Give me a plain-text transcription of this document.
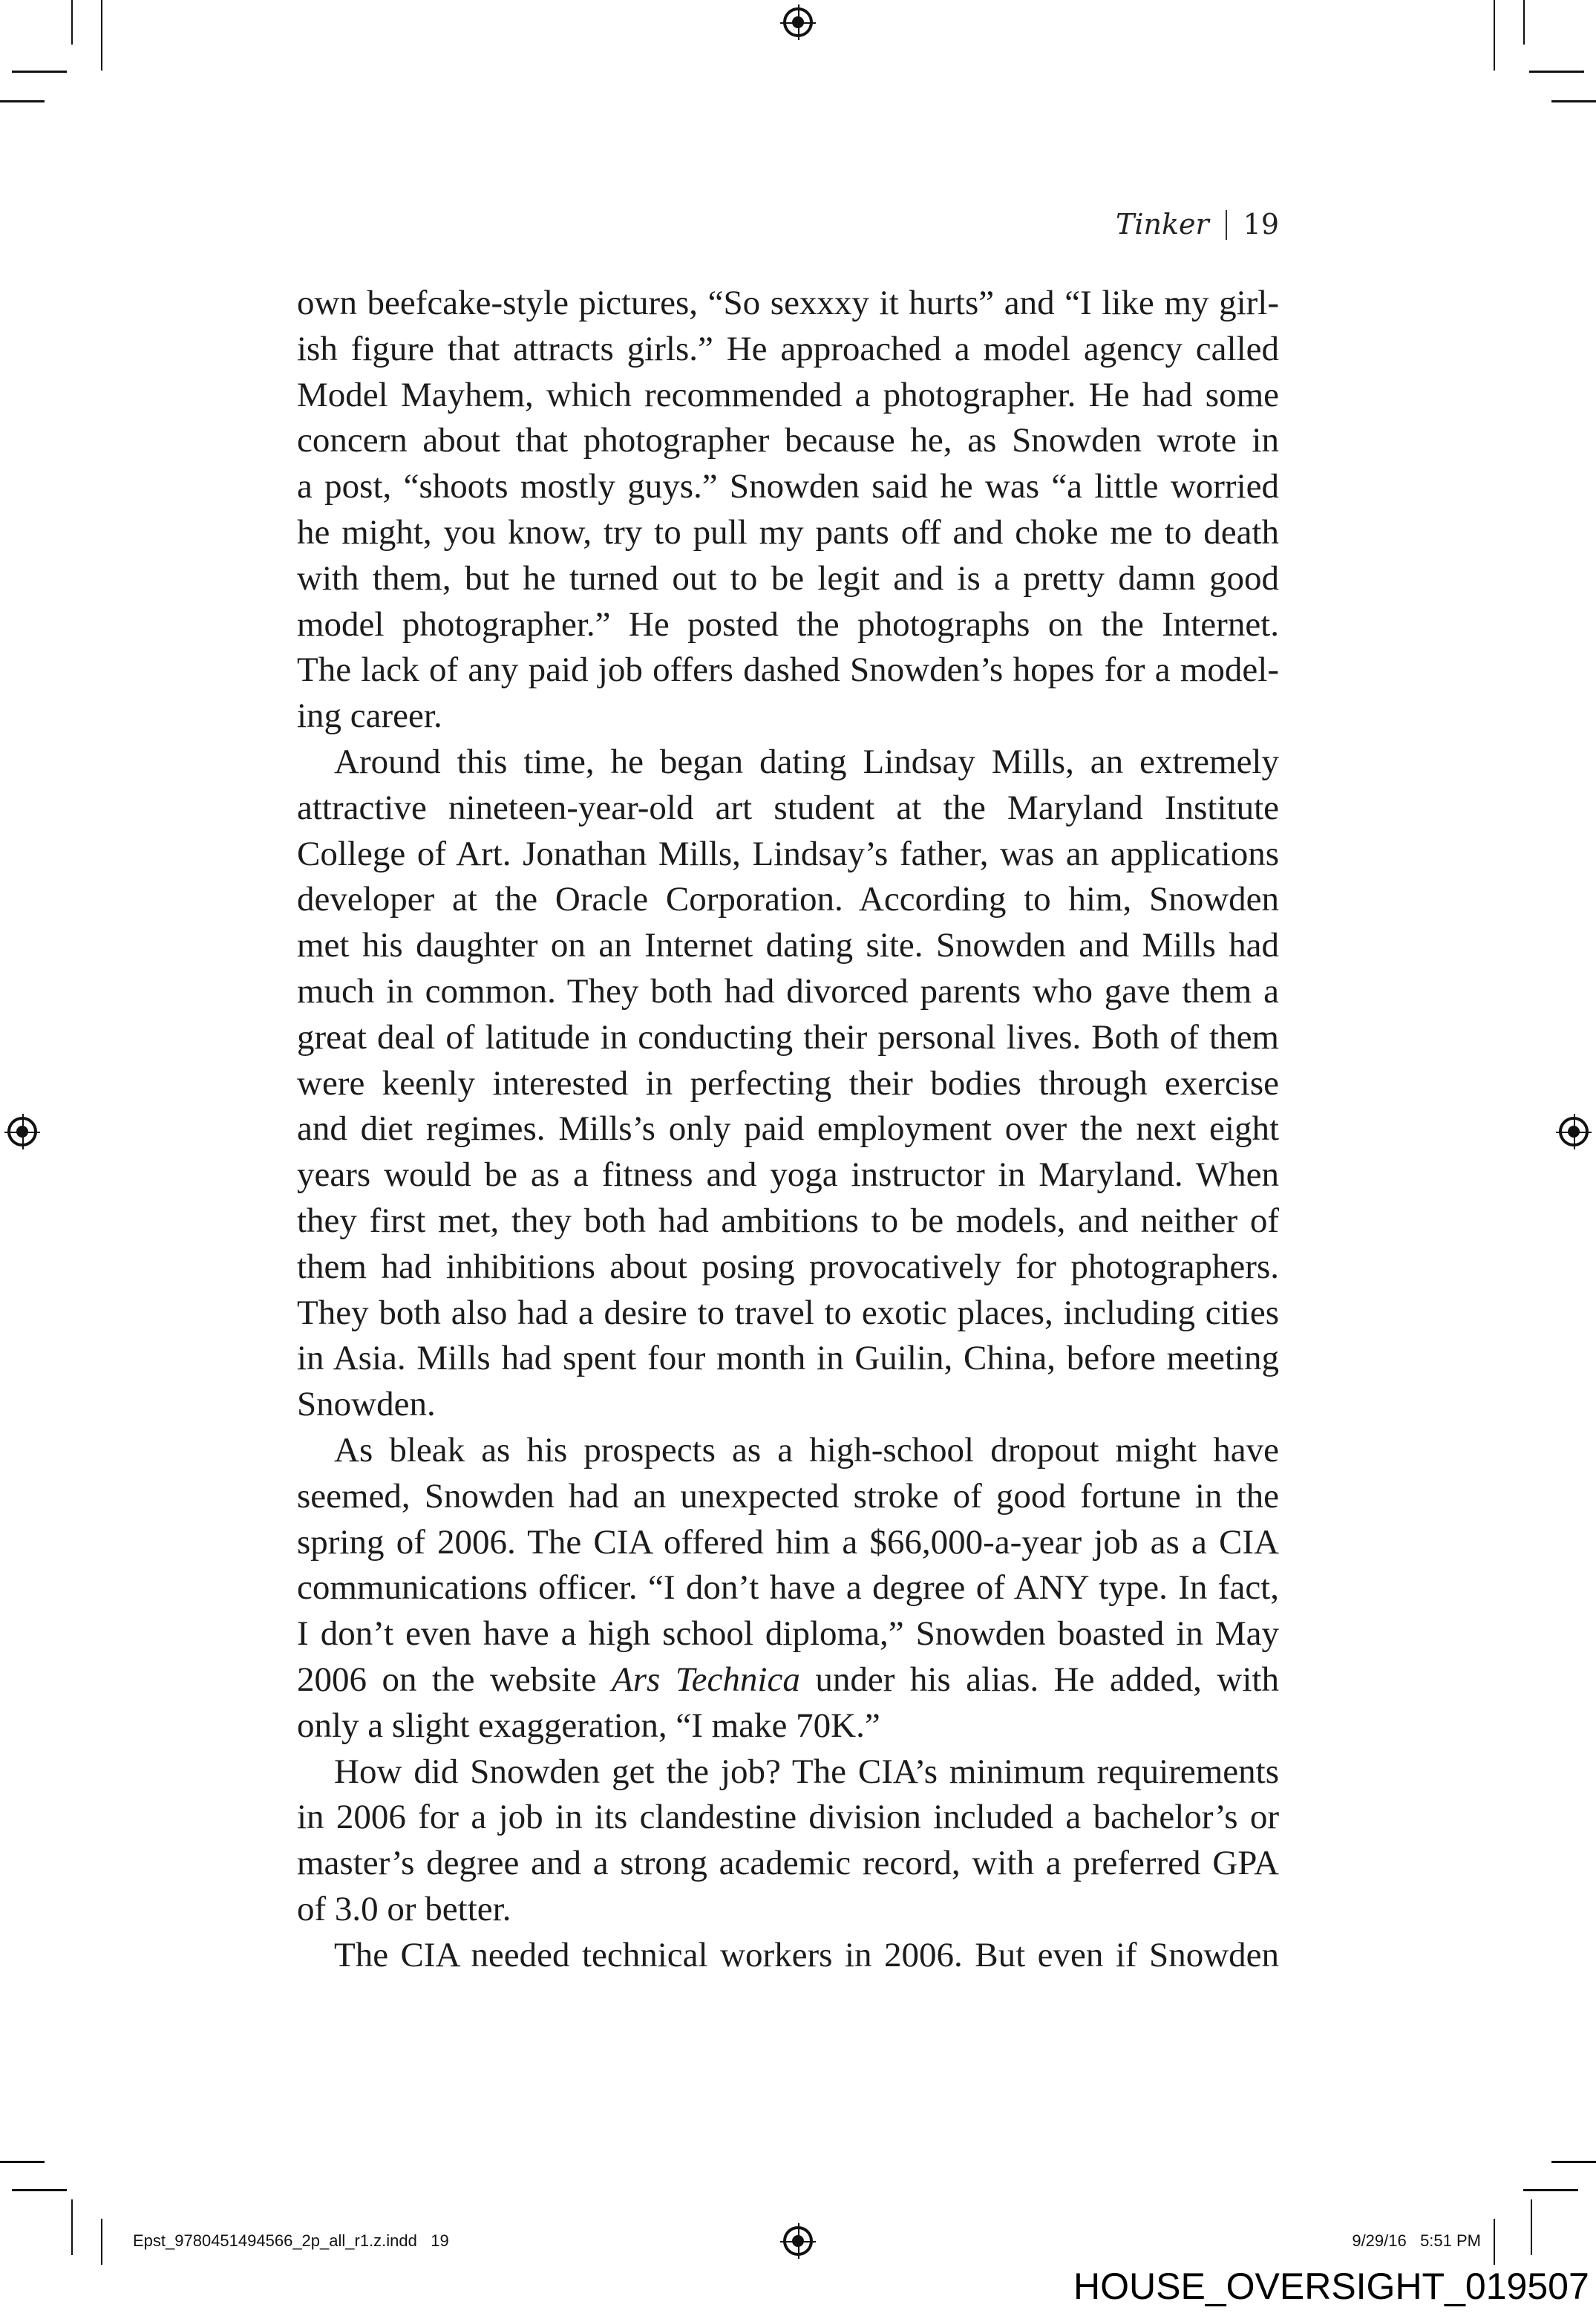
Tinker 19
own beefcake-style pictures, “So sexxxy it hurts” and “I like my girl-
ish figure that attracts girls.” He approached a model agency called
Model Mayhem, which recommended a photographer. He had some
concern about that photographer because he, as Snowden wrote in
a post, “shoots mostly guys.” Snowden said he was “a little worried
he might, you know, try to pull my pants off and choke me to death
with them, but he turned out to be legit and is a pretty damn good
model photographer.” He posted the photographs on the Internet.
The lack of any paid job offers dashed Snowden’s hopes for a model-
ing career.
Around this time, he began dating Lindsay Mills, an extremely
attractive nineteen-year-old art student at the Maryland Institute
College of Art. Jonathan Mills, Lindsay’s father, was an applications
developer at the Oracle Corporation. According to him, Snowden
met his daughter on an Internet dating site. Snowden and Mills had
much in common. They both had divorced parents who gave them a
great deal of latitude in conducting their personal lives. Both of them
were keenly interested in perfecting their bodies through exercise
and diet regimes. Mills’s only paid employment over the next eight
years would be as a fitness and yoga instructor in Maryland. When
they first met, they both had ambitions to be models, and neither of
them had inhibitions about posing provocatively for photographers.
They both also had a desire to travel to exotic places, including cities
in Asia. Mills had spent four month in Guilin, China, before meeting
Snowden.
As bleak as his prospects as a high-school dropout might have
seemed, Snowden had an unexpected stroke of good fortune in the
spring of 2006. The CIA offered him a $66,000-a-year job as a CIA
communications officer. “I don’t have a degree of ANY type. In fact,
I don’t even have a high school diploma,” Snowden boasted in May
2006 on the website Ars Technica under his alias. He added, with
only a slight exaggeration, “I make 70K.”
How did Snowden get the job? The CIA’s minimum requirements
in 2006 for a job in its clandestine division included a bachelor’s or
master’s degree and a strong academic record, with a preferred GPA
of 3.0 or better.
The CIA needed technical workers in 2006. But even if Snowden
Epst_9780451494566_2p_all_r1.z.indd   19	9/29/16   5:51 PM
HOUSE_OVERSIGHT_019507
